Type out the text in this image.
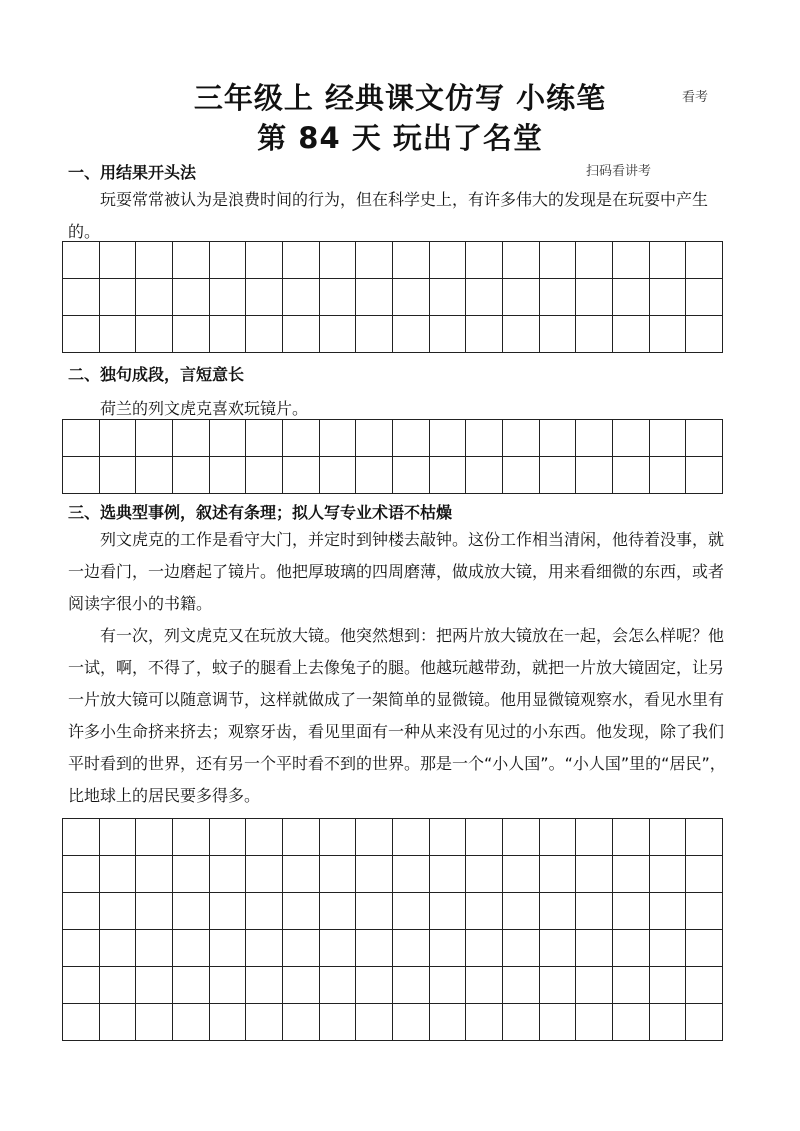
三年级上 经典课文仿写 小练笔
第 84 天 玩出了名堂
看考
扫码看讲考
一、用结果开头法
玩耍常常被认为是浪费时间的行为，但在科学史上，有许多伟大的发现是在玩耍中产生的。
二、独句成段，言短意长
荷兰的列文虎克喜欢玩镜片。
三、选典型事例，叙述有条理；拟人写专业术语不枯燥
列文虎克的工作是看守大门，并定时到钟楼去敲钟。这份工作相当清闲，他待着没事，就一边看门，一边磨起了镜片。他把厚玻璃的四周磨薄，做成放大镜，用来看细微的东西，或者阅读字很小的书籍。
有一次，列文虎克又在玩放大镜。他突然想到：把两片放大镜放在一起，会怎么样呢？他一试，啊，不得了，蚊子的腿看上去像兔子的腿。他越玩越带劲，就把一片放大镜固定，让另一片放大镜可以随意调节，这样就做成了一架简单的显微镜。他用显微镜观察水，看见水里有许多小生命挤来挤去；观察牙齿，看见里面有一种从来没有见过的小东西。他发现，除了我们平时看到的世界，还有另一个平时看不到的世界。那是一个“小人国”。“小人国”里的“居民”，比地球上的居民要多得多。
